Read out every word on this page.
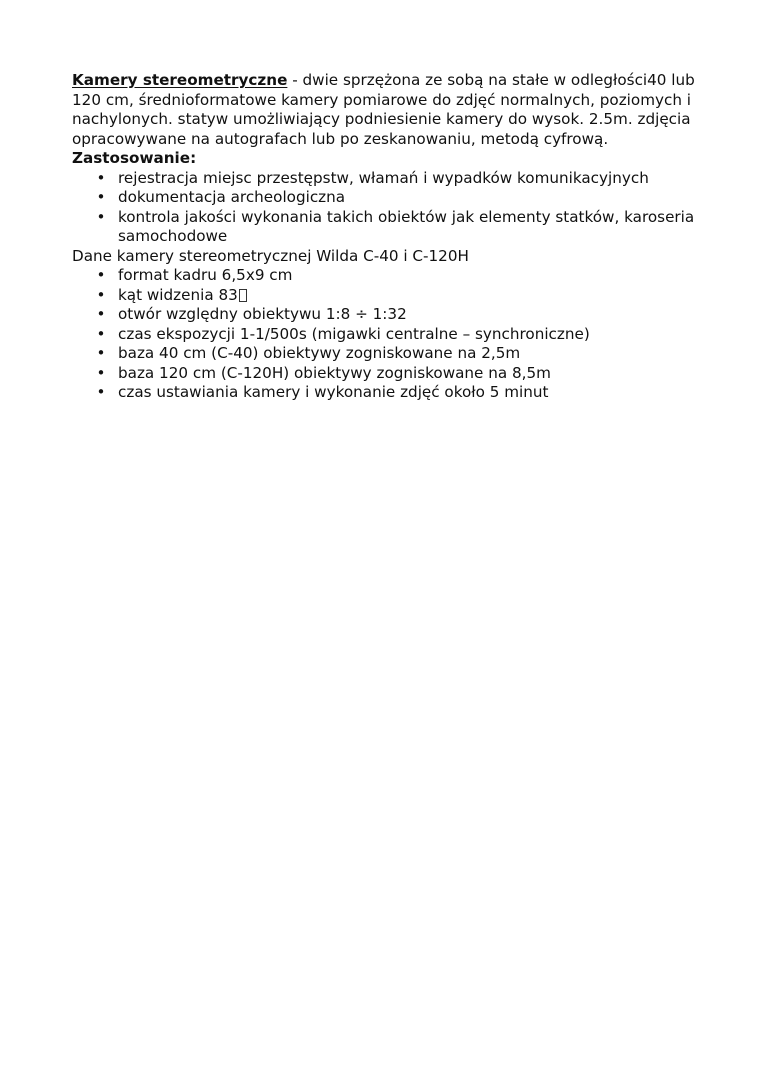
Kamery stereometryczne - dwie sprzężona ze sobą na stałe w odległości40 lub 120 cm, średnioformatowe kamery pomiarowe do zdjęć normalnych, poziomych i nachylonych. statyw umożliwiający podniesienie kamery do wysok. 2.5m. zdjęcia opracowywane na autografach lub po zeskanowaniu, metodą cyfrową. Zastosowanie:

• rejestracja miejsc przestępstw, włamań i wypadków komunikacyjnych
• dokumentacja archeologiczna
• kontrola jakości wykonania takich obiektów jak elementy statków, karoseria samochodowe

Dane kamery stereometrycznej Wilda C-40 i C-120H

• format kadru 6,5x9 cm
• kąt widzenia 83
• otwór względny obiektywu 1:8 ÷ 1:32
• czas ekspozycji 1-1/500s (migawki centralne – synchroniczne)
• baza 40 cm (C-40) obiektywy zogniskowane na 2,5m
• baza 120 cm (C-120H) obiektywy zogniskowane na 8,5m
• czas ustawiania kamery i wykonanie zdjęć około 5 minut
